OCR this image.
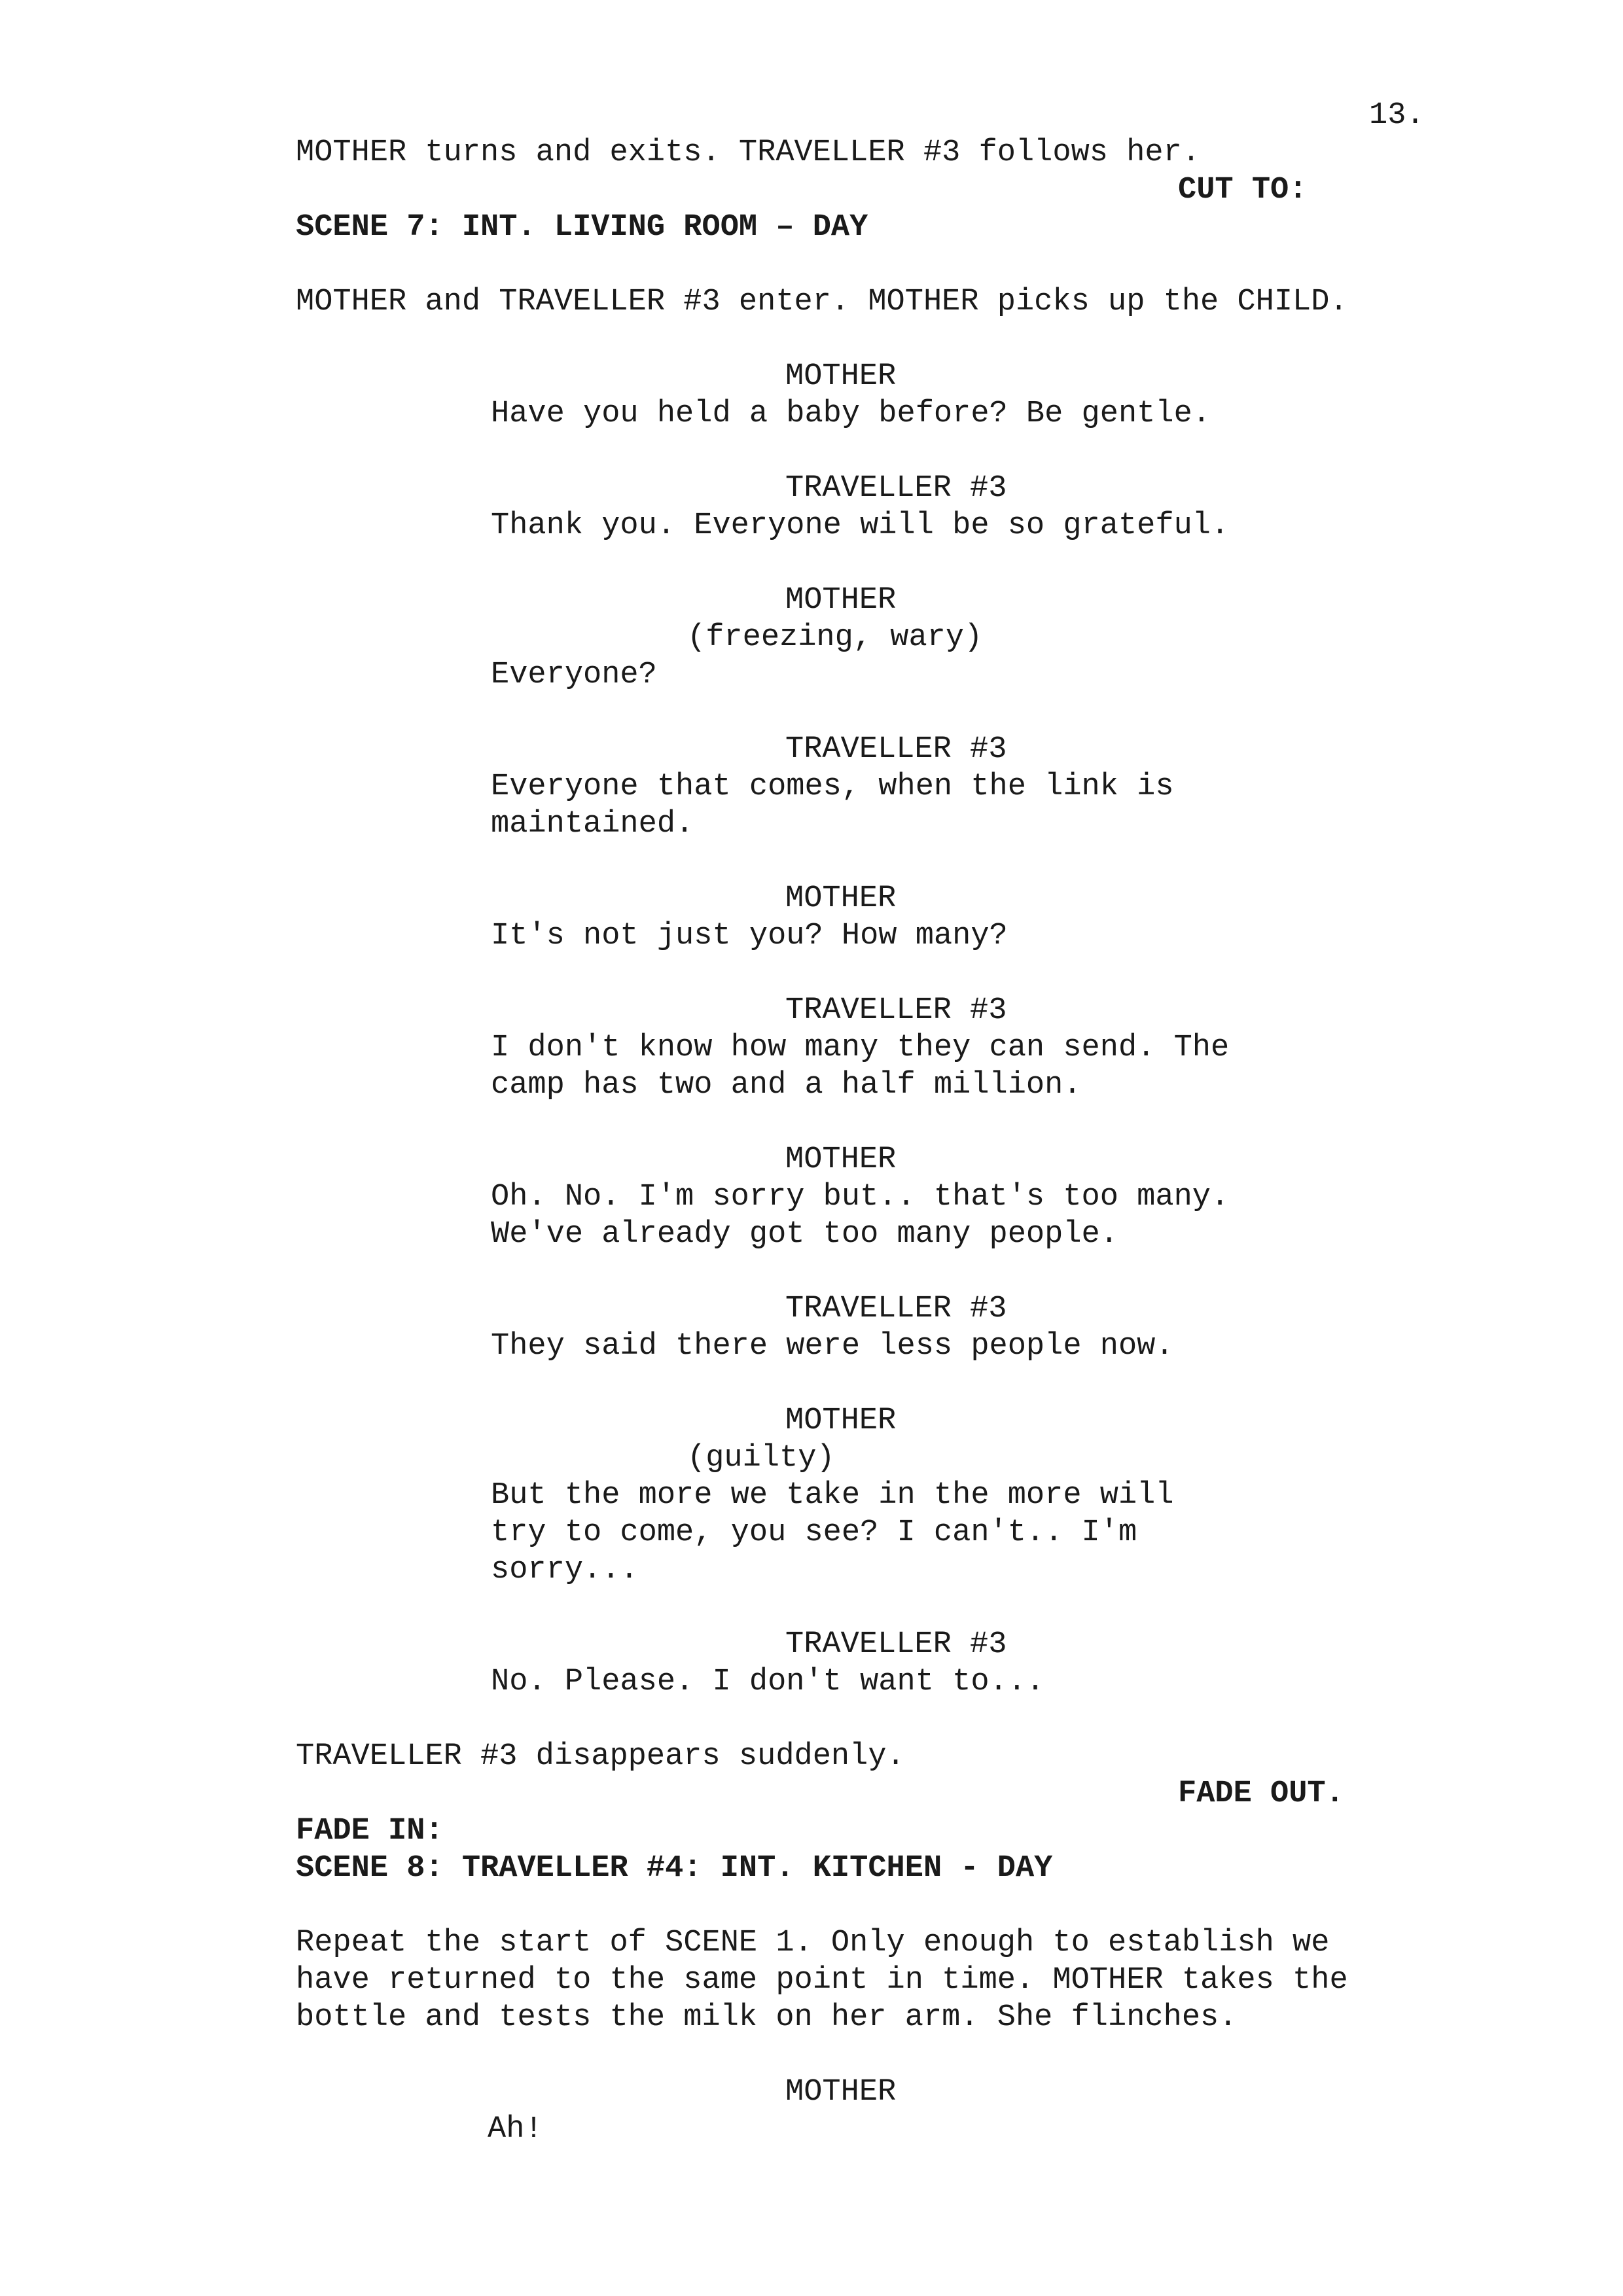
13.
MOTHER turns and exits. TRAVELLER #3 follows her.
CUT TO:
SCENE 7: INT. LIVING ROOM – DAY
MOTHER and TRAVELLER #3 enter. MOTHER picks up the CHILD.
MOTHER
Have you held a baby before? Be gentle.
TRAVELLER #3
Thank you. Everyone will be so grateful.
MOTHER
(freezing, wary)
Everyone?
TRAVELLER #3
Everyone that comes, when the link is
maintained.
MOTHER
It's not just you? How many?
TRAVELLER #3
I don't know how many they can send. The
camp has two and a half million.
MOTHER
Oh. No. I'm sorry but.. that's too many.
We've already got too many people.
TRAVELLER #3
They said there were less people now.
MOTHER
(guilty)
But the more we take in the more will
try to come, you see? I can't.. I'm
sorry...
TRAVELLER #3
No. Please. I don't want to...
TRAVELLER #3 disappears suddenly.
FADE OUT.
FADE IN:
SCENE 8: TRAVELLER #4: INT. KITCHEN - DAY
Repeat the start of SCENE 1. Only enough to establish we
have returned to the same point in time. MOTHER takes the
bottle and tests the milk on her arm. She flinches.
MOTHER
Ah!
